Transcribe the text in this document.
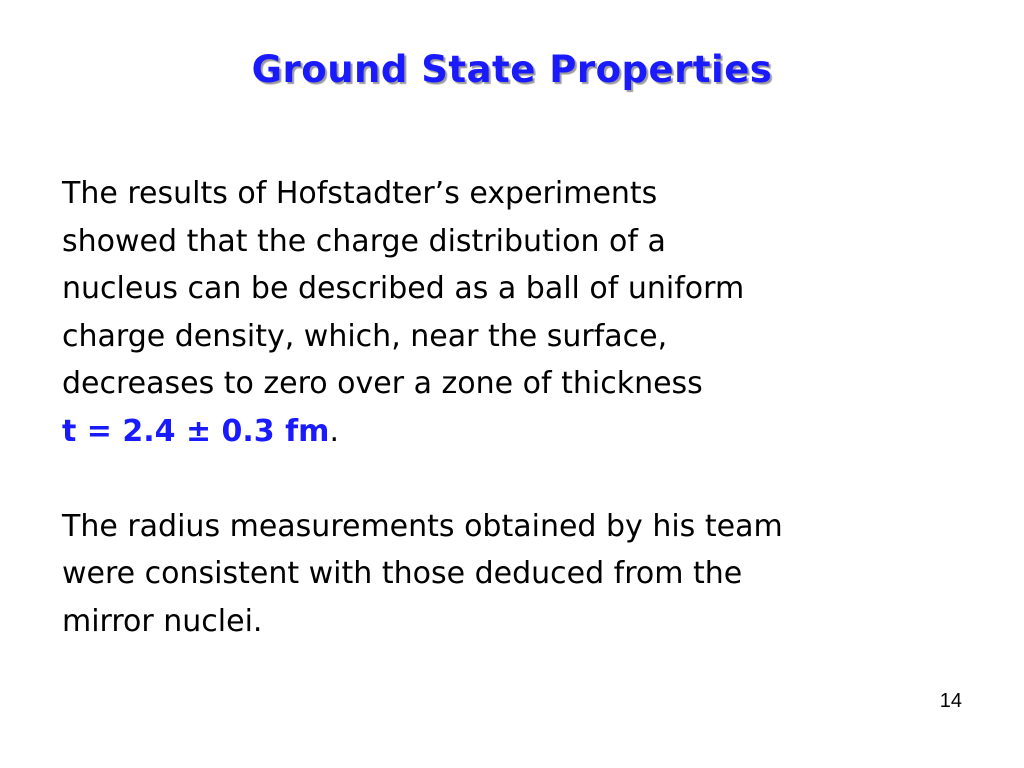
Ground State Properties

The results of Hofstadter’s experiments
showed that the charge distribution of a
nucleus can be described as a ball of uniform
charge density, which, near the surface,
decreases to zero over a zone of thickness
t = 2.4 ± 0.3 fm.

The radius measurements obtained by his team
were consistent with those deduced from the
mirror nuclei.

14
